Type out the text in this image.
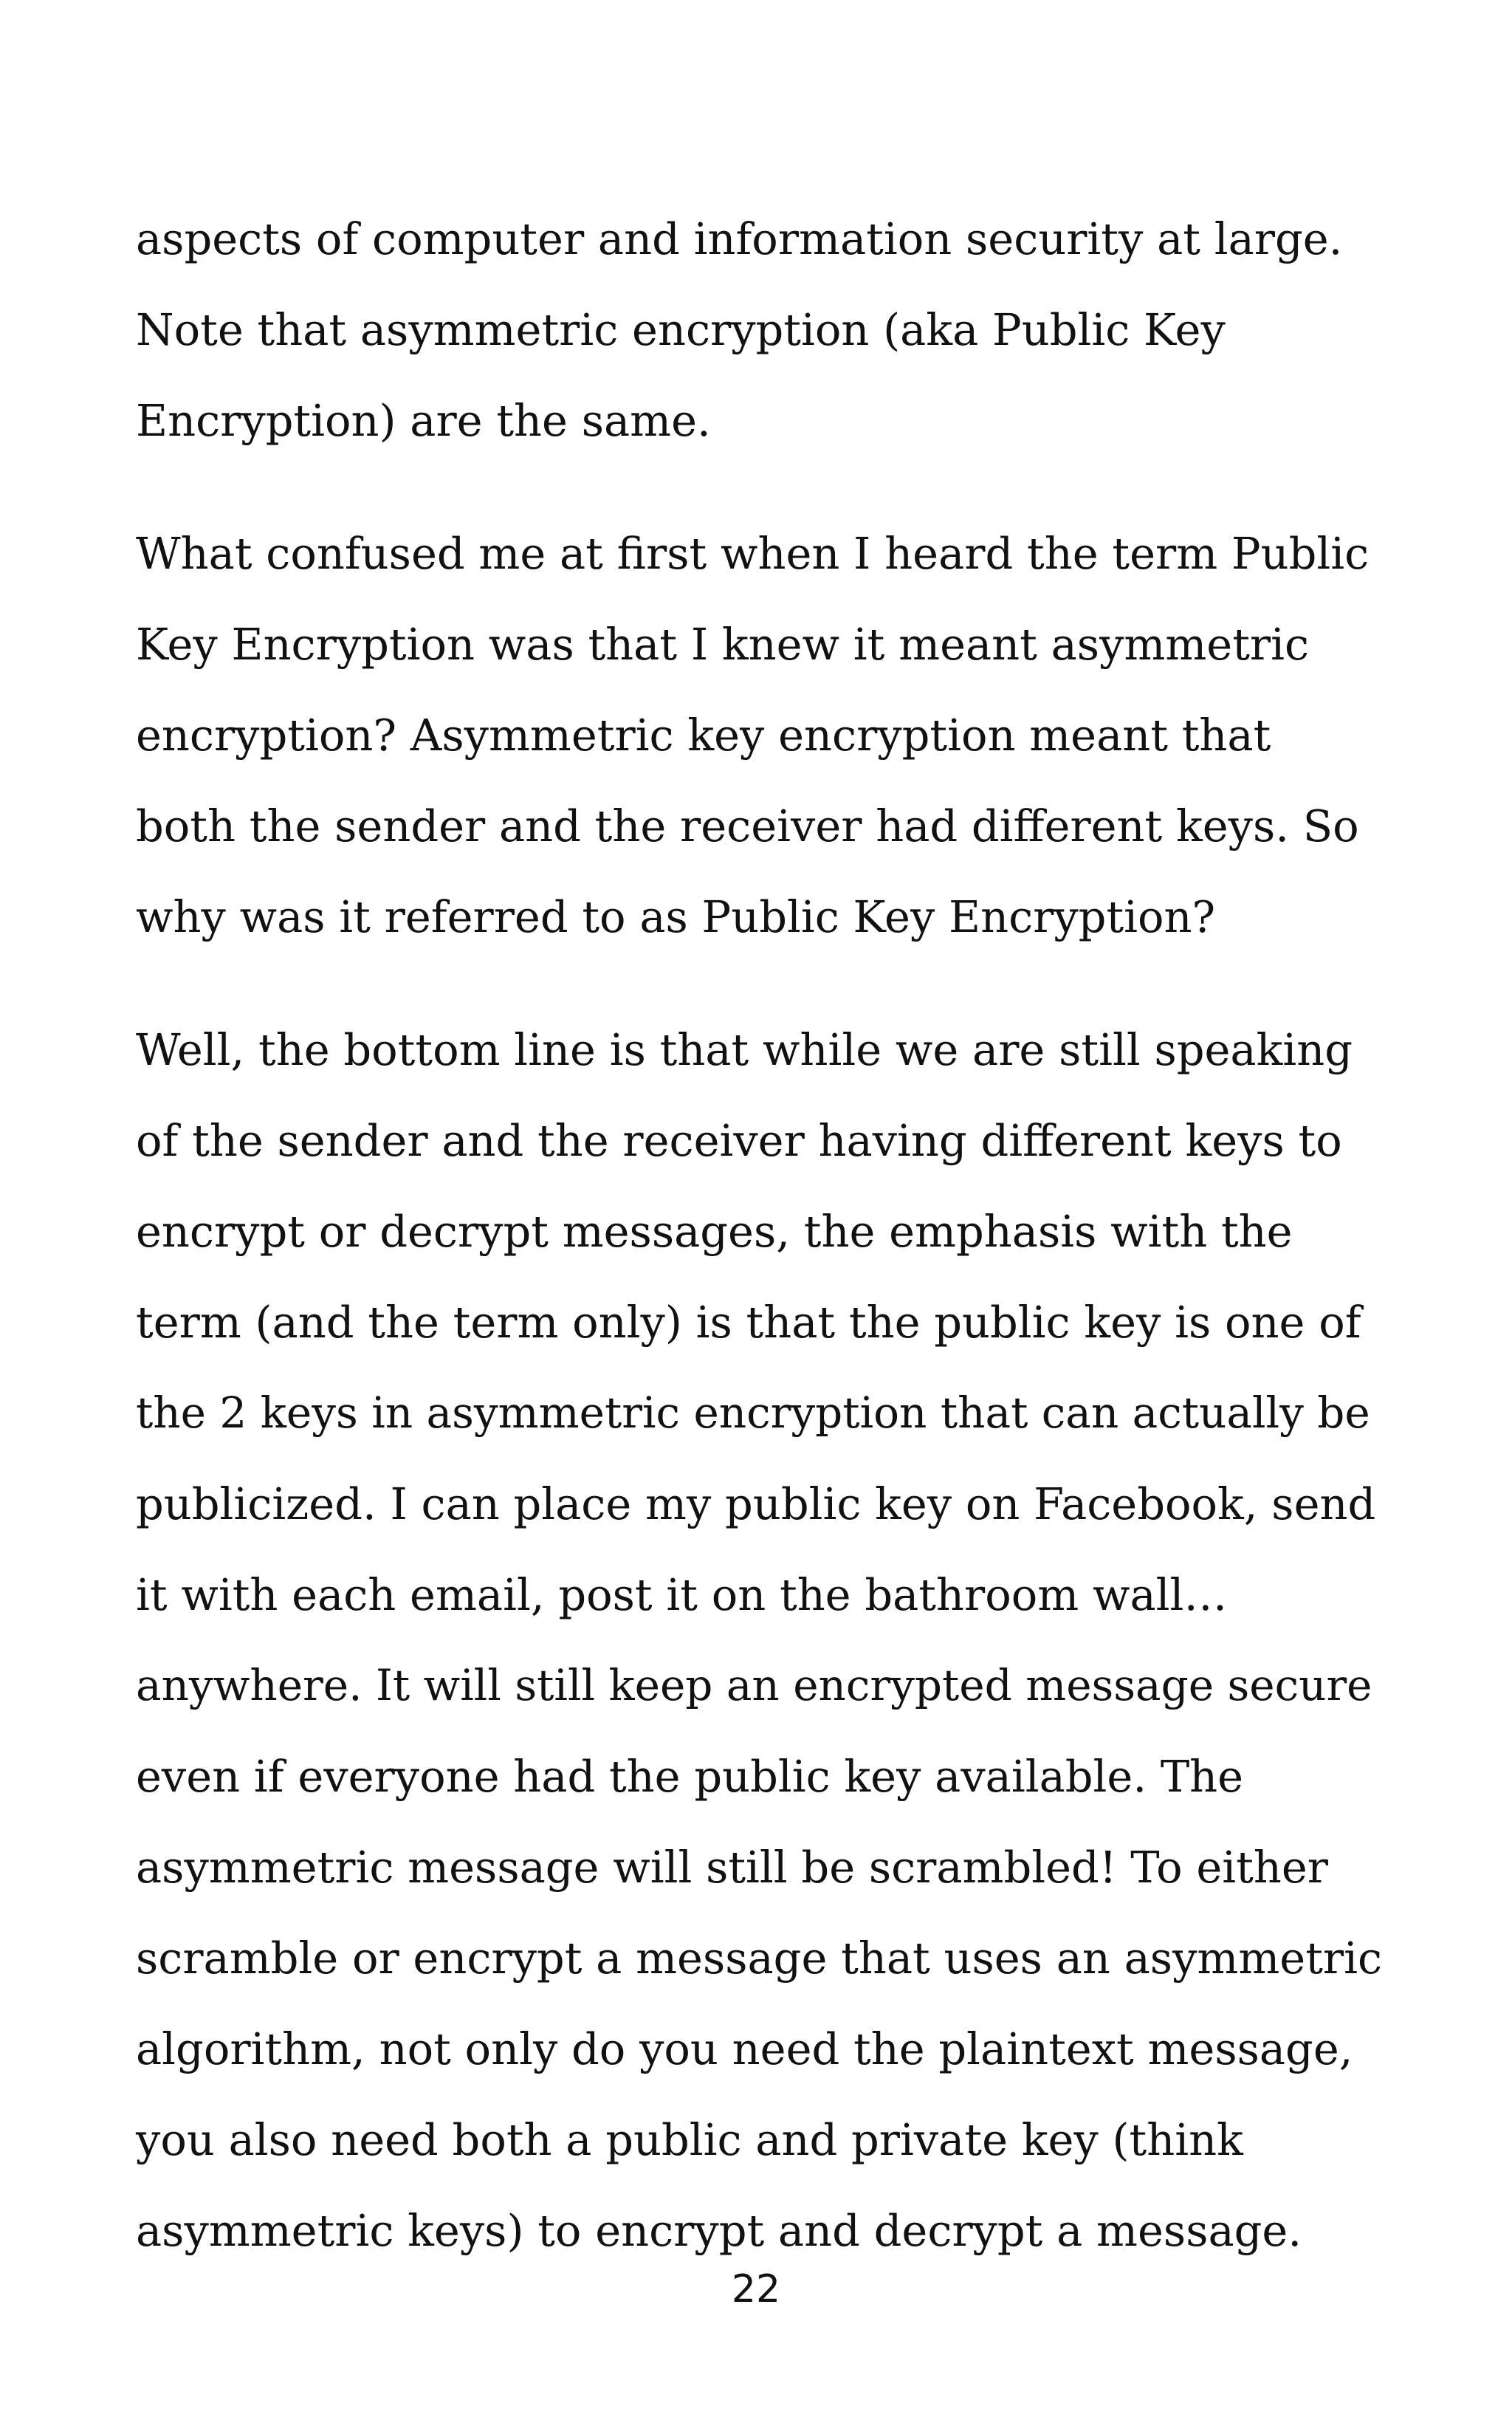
aspects of computer and information security at large.
Note that asymmetric encryption (aka Public Key
Encryption) are the same.

What confused me at first when I heard the term Public
Key Encryption was that I knew it meant asymmetric
encryption? Asymmetric key encryption meant that
both the sender and the receiver had different keys. So
why was it referred to as Public Key Encryption?

Well, the bottom line is that while we are still speaking
of the sender and the receiver having different keys to
encrypt or decrypt messages, the emphasis with the
term (and the term only) is that the public key is one of
the 2 keys in asymmetric encryption that can actually be
publicized. I can place my public key on Facebook, send
it with each email, post it on the bathroom wall…
anywhere. It will still keep an encrypted message secure
even if everyone had the public key available. The
asymmetric message will still be scrambled! To either
scramble or encrypt a message that uses an asymmetric
algorithm, not only do you need the plaintext message,
you also need both a public and private key (think
asymmetric keys) to encrypt and decrypt a message.

22
